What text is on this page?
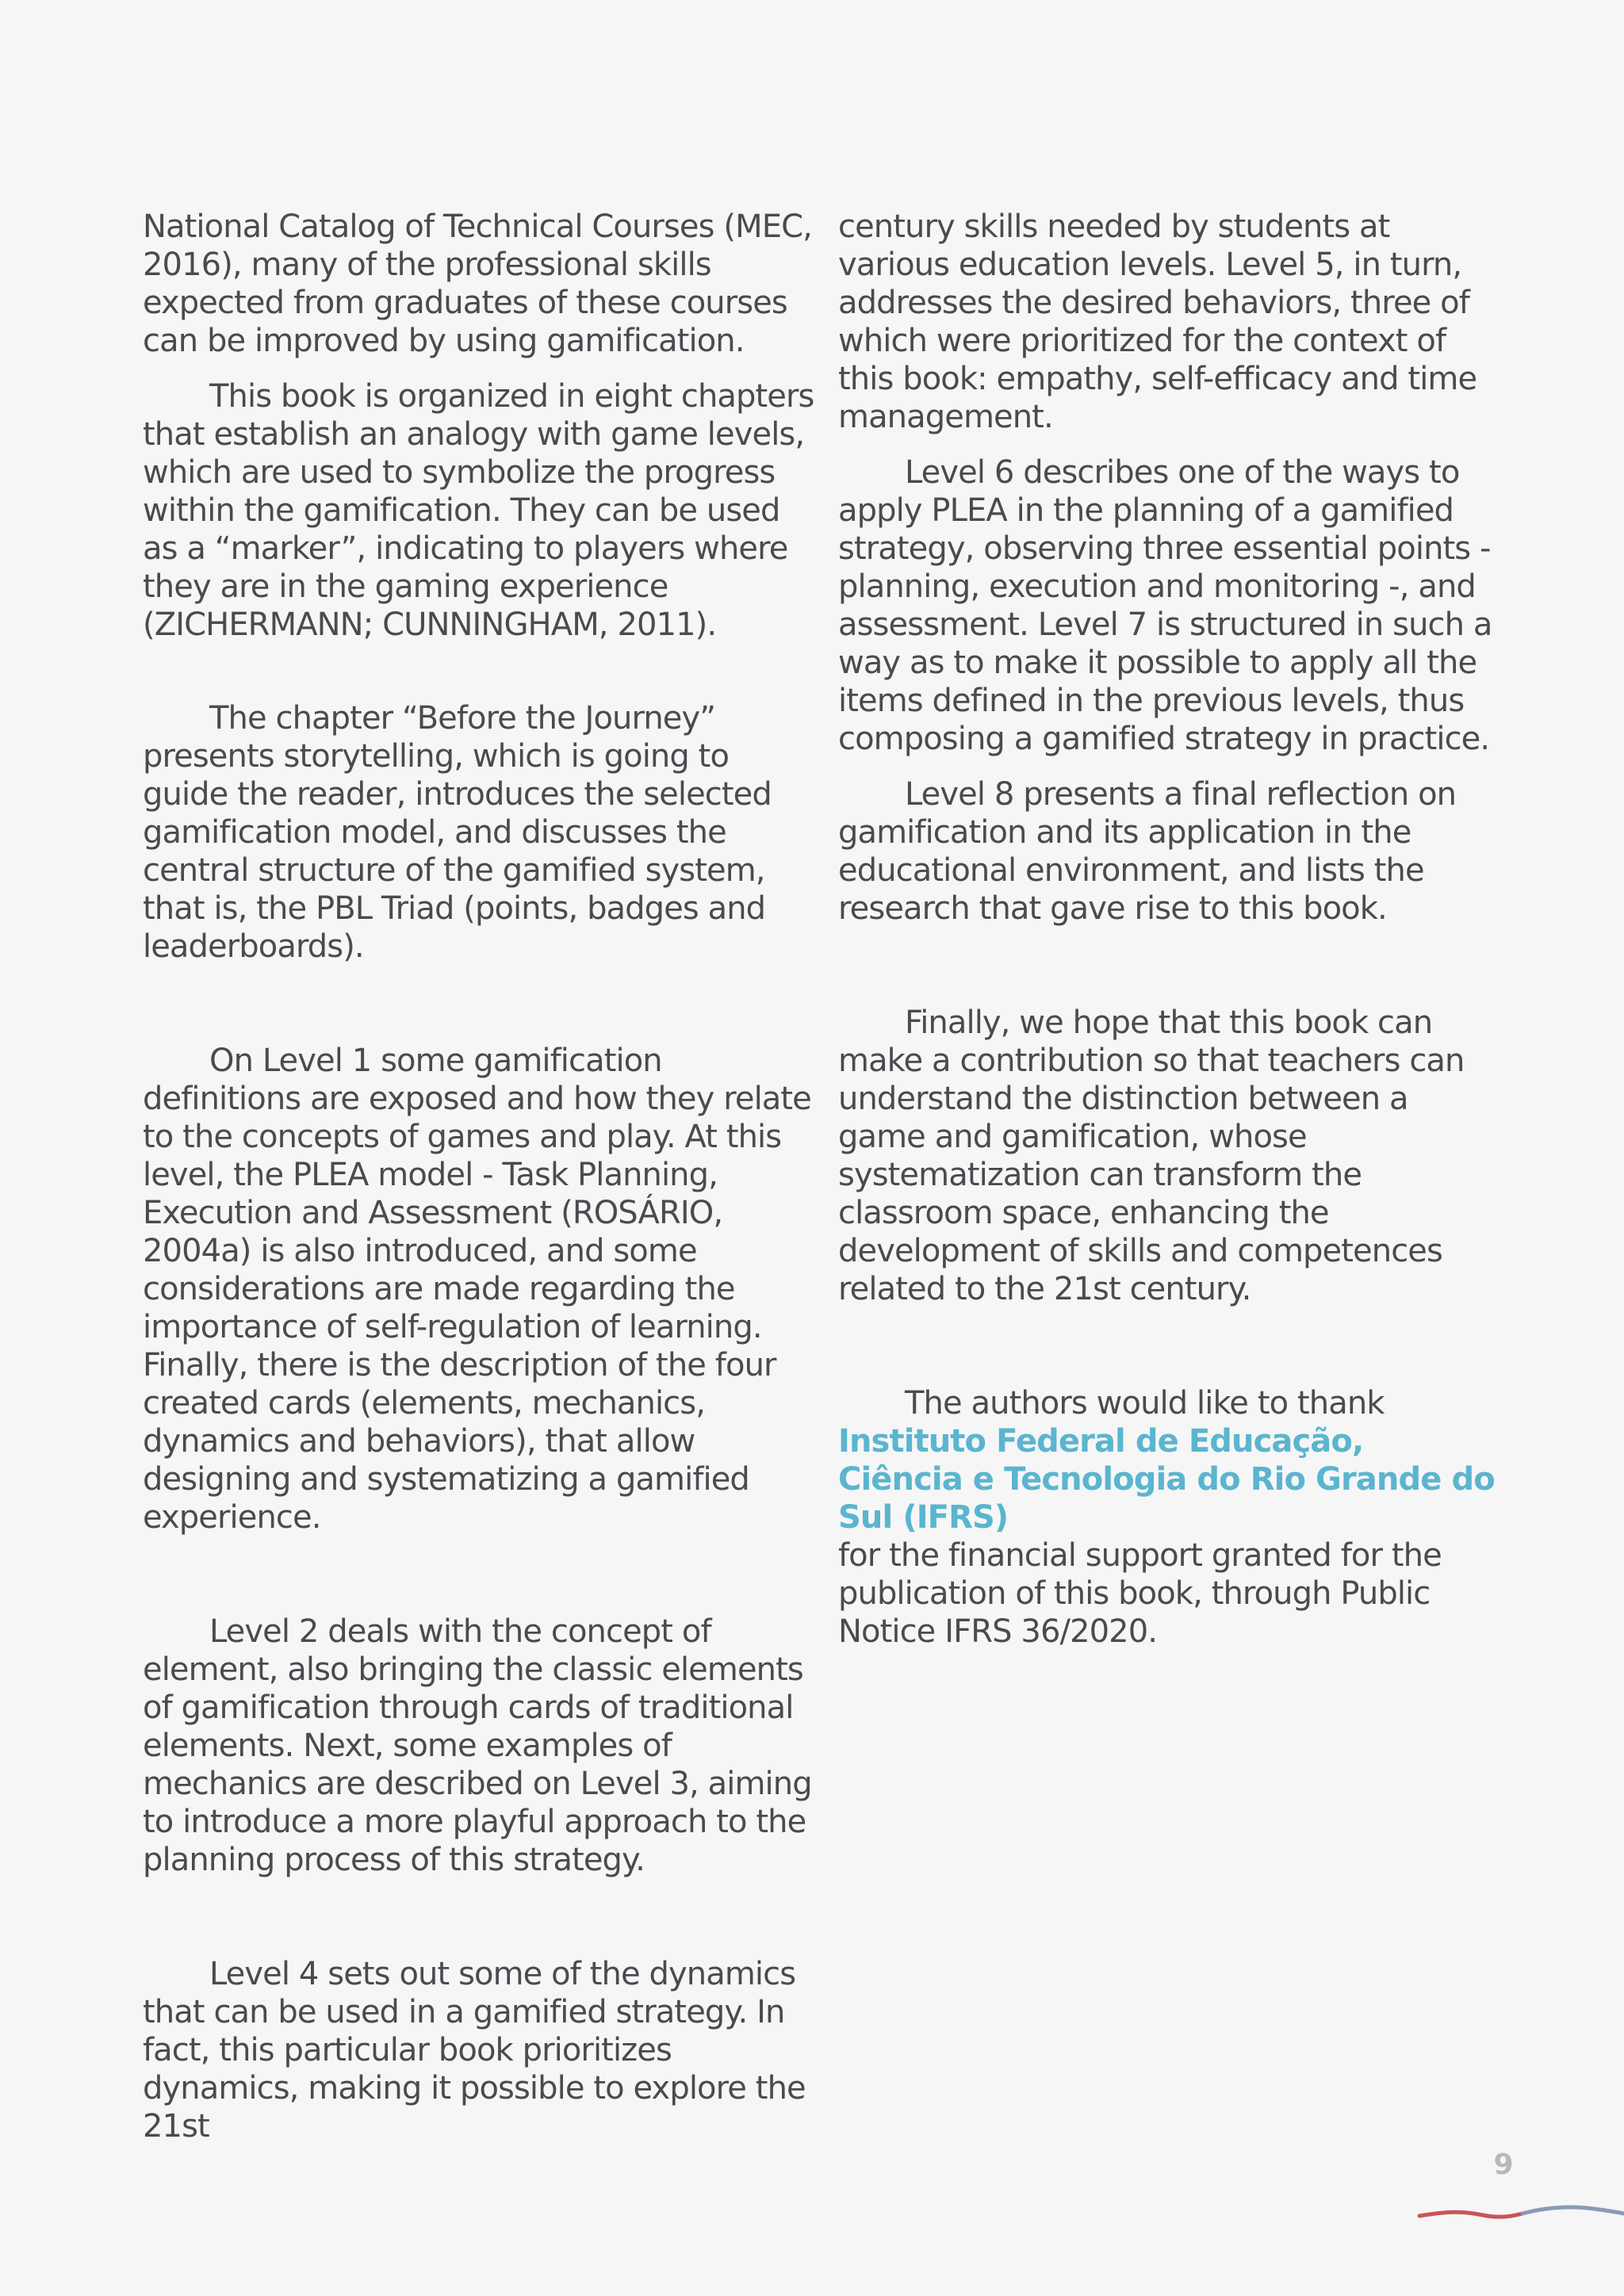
National Catalog of Technical Courses (MEC, 2016), many of the professional skills expected from graduates of these courses can be improved by using gamification.

This book is organized in eight chapters that establish an analogy with game levels, which are used to symbolize the progress within the gamification. They can be used as a “marker”, indicating to players where they are in the gaming experience (ZICHERMANN; CUNNINGHAM, 2011).

The chapter “Before the Journey” presents storytelling, which is going to guide the reader, introduces the selected gamification model, and discusses the central structure of the gamified system, that is, the PBL Triad (points, badges and leaderboards).

On Level 1 some gamification definitions are exposed and how they relate to the concepts of games and play. At this level, the PLEA model - Task Planning, Execution and Assessment (ROSÁRIO, 2004a) is also introduced, and some considerations are made regarding the importance of self-regulation of learning. Finally, there is the description of the four created cards (elements, mechanics, dynamics and behaviors), that allow designing and systematizing a gamified experience.

Level 2 deals with the concept of element, also bringing the classic elements of gamification through cards of traditional elements. Next, some examples of mechanics are described on Level 3, aiming to introduce a more playful approach to the planning process of this strategy.

Level 4 sets out some of the dynamics that can be used in a gamified strategy. In fact, this particular book prioritizes dynamics, making it possible to explore the 21st

century skills needed by students at various education levels. Level 5, in turn, addresses the desired behaviors, three of which were prioritized for the context of this book: empathy, self-efficacy and time management.

Level 6 describes one of the ways to apply PLEA in the planning of a gamified strategy, observing three essential points - planning, execution and monitoring -, and assessment. Level 7 is structured in such a way as to make it possible to apply all the items defined in the previous levels, thus composing a gamified strategy in practice.

Level 8 presents a final reflection on gamification and its application in the educational environment, and lists the research that gave rise to this book.

Finally, we hope that this book can make a contribution so that teachers can understand the distinction between a game and gamification, whose systematization can transform the classroom space, enhancing the development of skills and competences related to the 21st century.

The authors would like to thank
Instituto Federal de Educação, Ciência e Tecnologia do Rio Grande do Sul (IFRS)
for the financial support granted for the publication of this book, through Public Notice IFRS 36/2020.

9
